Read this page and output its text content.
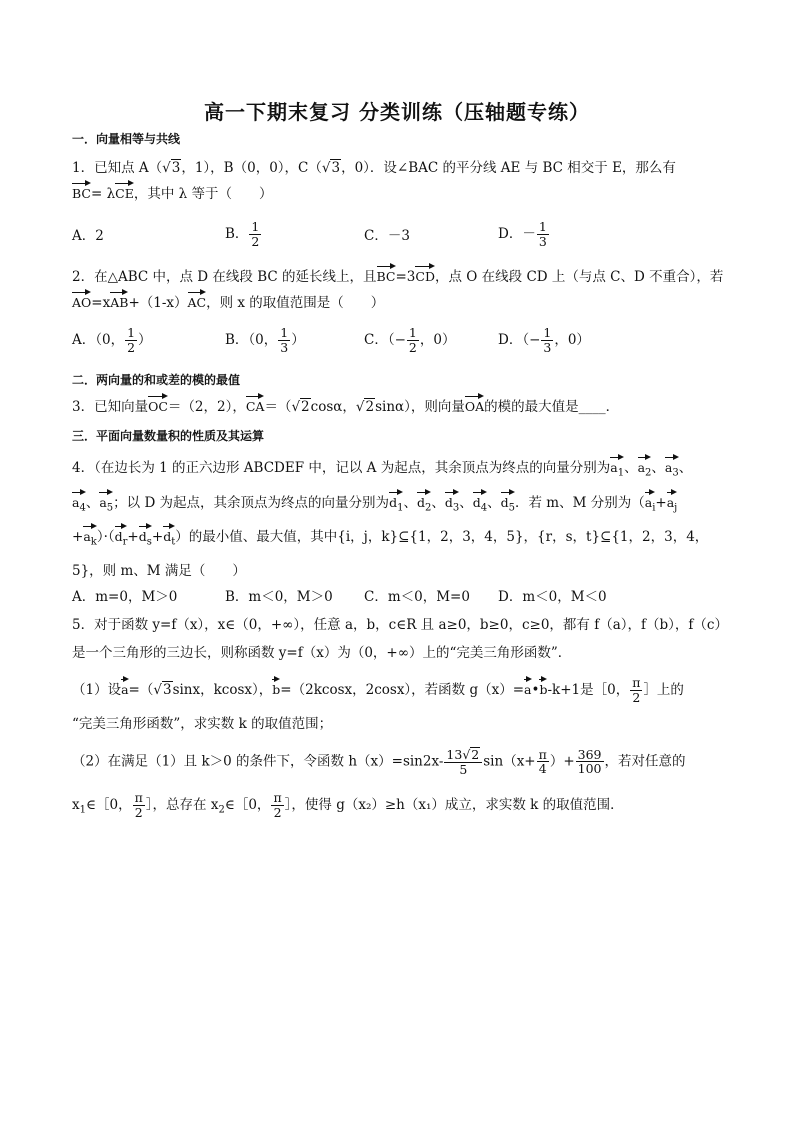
高一下期末复习 分类训练（压轴题专练）
一．向量相等与共线
1．已知点 A（√3，1），B（0，0），C（√3，0）．设∠BAC 的平分线 AE 与 BC 相交于 E，那么有
BC= λCE，其中 λ 等于（　　）
A．2	B． $\frac{1}{2}$	C．－3	D．－ $\frac{1}{3}$
2．在△ABC 中，点 D 在线段 BC 的延长线上，且BC=3CD，点 O 在线段 CD 上（与点 C、D 不重合），若
AO=xAB+（1-x）AC，则 x 的取值范围是（　　）
A．（0， $\frac{1}{2}$ ）	B．（0， $\frac{1}{3}$ ）	C．（− $\frac{1}{2}$ ，0）	D．（− $\frac{1}{3}$ ，0）
二．两向量的和或差的模的最值
3．已知向量OC＝（2，2），CA＝（√2cosα，√2sinα），则向量OA的模的最大值是____．
三．平面向量数量积的性质及其运算
4．（在边长为 1 的正六边形 ABCDEF 中，记以 A 为起点，其余顶点为终点的向量分别为$a_1$、$a_2$、$a_3$、
$a_4$、$a_5$；以 D 为起点，其余顶点为终点的向量分别为$d_1$、$d_2$、$d_3$、$d_4$、$d_5$．若 m、M 分别为（$a_i+a_j$
$+a_k)\cdot(d_r+d_s+d_t)$的最小值、最大值，其中{i，j，k}⊆{1，2，3，4，5}，{r，s，t}⊆{1，2，3，4，
5}，则 m、M 满足（　　）
A．m=0，M＞0	B．m＜0，M＞0 C．m＜0，M=0 D．m＜0，M＜0
5．对于函数 y=f（x），x∈（0，+∞），任意 a，b，c∈R 且 a≥0，b≥0，c≥0，都有 f（a），f（b），f（c）
是一个三角形的三边长，则称函数 y=f（x）为（0，+∞）上的“完美三角形函数”．
（1）设a=（√3sinx，kcosx），b=（2kcosx，2cosx），若函数 g（x）=a•b-k+1是［0， $\frac{\pi}{2}$ ］上的
“完美三角形函数”，求实数 k 的取值范围；
（2）在满足（1）且 k＞0 的条件下，令函数 $h(x)=\sin 2x- \frac{13√2}{5} \sin(x+ \frac{\pi}{4}$ ）+ $\frac{369}{100}$ ，若对任意的
$x_1\in[0$， $\frac{\pi}{2}$ ］，总存在 $x_2\in[0$， $\frac{\pi}{2}$ ］，使得 g（x₂）≥h（x₁）成立，求实数 k 的取值范围．
